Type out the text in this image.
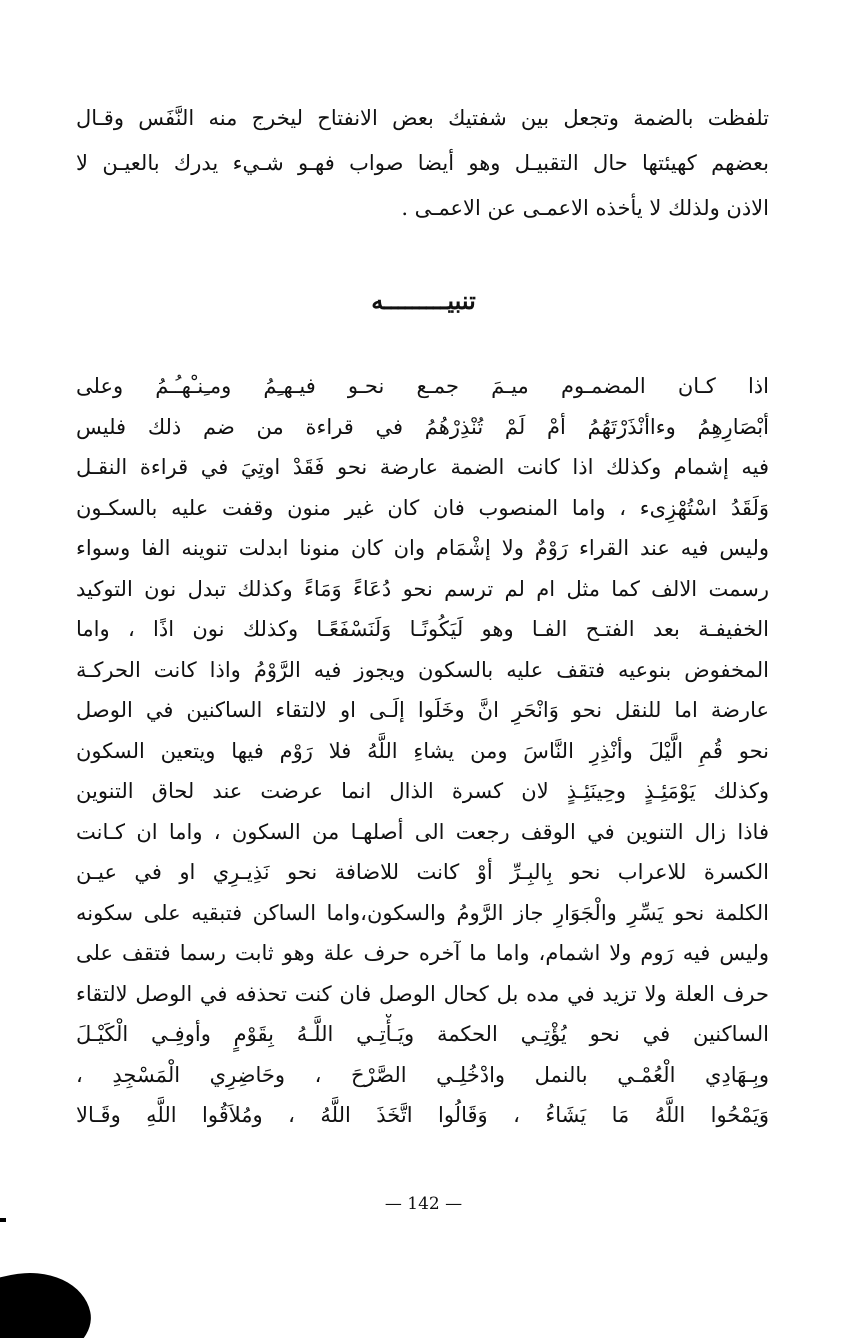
تلفظت بالضمة وتجعل بين شفتيك بعض الانفتاح ليخرج منه النَّفَس وقـال
بعضهم كهيئتها حال التقبيـل وهو أيضا صواب فهـو شـيء يدرك بالعيـن لا
الاذن ولذلك لا يأخذه الاعمـى عن الاعمـى .
تنبيـــــــــه
اذا كـان المضمـوم ميـمَ جمـع نحـو فيـهـِمُ ومـِنـْهـُـمُ وعلى
أبْصَارِهِمُ وءاأنْذَرْتَهُمُ أمْ لَمْ تُنْذِرْهُمُ في قراءة من ضم ذلك فليس
فيه إشمام وكذلك اذا كانت الضمة عارضة نحو فَقَدْ اوتِيَ في قراءة النقـل
وَلَقَدُ اسْتُهْزِىء ، واما المنصوب فان كان غير منون وقفت عليه بالسكـون
وليس فيه عند القراء رَوْمٌ ولا إشْمَام وان كان منونا ابدلت تنوينه الفا وسواء
رسمت الالف كما مثل ام لم ترسم نحو دُعَاءً وَمَاءً وكذلك تبدل نون التوكيد
الخفيفـة بعد الفتـح الفـا وهو لَيَكُونًـا وَلَنَسْفَعًـا وكذلك نون اذًا ، واما
المخفوض بنوعيه فتقف عليه بالسكون ويجوز فيه الرَّوْمُ واذا كانت الحركـة
عارضة اما للنقل نحو وَانْحَرِ انَّ وخَلَوا إلَـى او لالتقاء الساكنين في الوصل
نحو قُمِ الَّيْلَ وأنْذِرِ النَّاسَ ومن يشاءِ اللَّهُ فلا رَوْم فيها ويتعين السكون
وكذلك يَوْمَئِـذٍ وحِينَئِـذٍ لان كسرة الذال انما عرضت عند لحاق التنوين
فاذا زال التنوين في الوقف رجعت الى أصلهـا من السكون ، واما ان كـانت
الكسرة للاعراب نحو بِالبِـرِّ أوْ كانت للاضافة نحو نَذِيـرِي او في عيـن
الكلمة نحو يَسِّرِ والْجَوَارِ جاز الرَّومُ والسكون،واما الساكن فتبقيه على سكونه
وليس فيه رَوم ولا اشمام، واما ما آخره حرف علة وهو ثابت رسما فتقف على
حرف العلة ولا تزيد في مده بل كحال الوصل فان كنت تحذفه في الوصل لالتقاء
الساكنين في نحو يُؤْتِـي الحكمة ويَـأْتِـي اللَّـهُ بِقَوْمٍ وأوفِـي الْكَيْـلَ
وبِـهَادِي الْعُمْـي بالنمل وادْخُلِـي الصَّرْحَ ، وحَاضِرِي الْمَسْجِدِ ،
وَيَمْحُوا اللَّهُ مَا يَشَاءُ ، وَقَالُوا اتَّخَذَ اللَّهُ ، ومُلاَقُوا اللَّهِ وقَـالا
— 142 —
